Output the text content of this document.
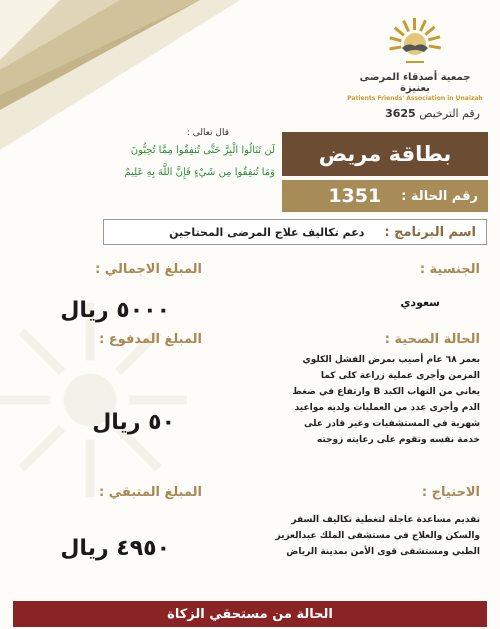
جمعية أصدقاء المرضى بعنيزة
Patients Friends' Association in Unaizah
رقم الترخيص 3625
قال تعالى :
لَن تَنَالُوا الْبِرَّ حَتَّى تُنفِقُوا مِمَّا تُحِبُّونَ
وَمَا تُنفِقُوا مِن شَيْءٍ فَإِنَّ اللَّهَ بِهِ عَلِيمٌ
بطاقة مريض
رقم الحالة :
1351
اسم البرنامج :
دعم تكاليف علاج المرضى المحتاجين
الجنسية :
سعودي
الحالة الصحية :
بعمر ٦٨ عام أصيب بمرض الفشل الكلوي
المزمن وأجرى عملية زراعة كلى كما
يعاني من التهاب الكبد B وارتفاع في ضغط
الدم وأجرى عدد من العمليات ولديه مواعيد
شهرية في المستشفيات وغير قادر على
خدمة نفسه وتقوم على رعايته زوجته
الاحتياج :
تقديم مساعدة عاجلة لتغطية تكاليف السفر
والسكن والعلاج في مستشفى الملك عبدالعزيز
الطبي ومستشفى قوى الأمن بمدينة الرياض
المبلغ الاجمالي :
٥٠٠٠ ريال
المبلغ المدفوع :
٥٠ ريال
المبلغ المتبقي :
٤٩٥٠ ريال
الحالة من مستحقي الزكاة
